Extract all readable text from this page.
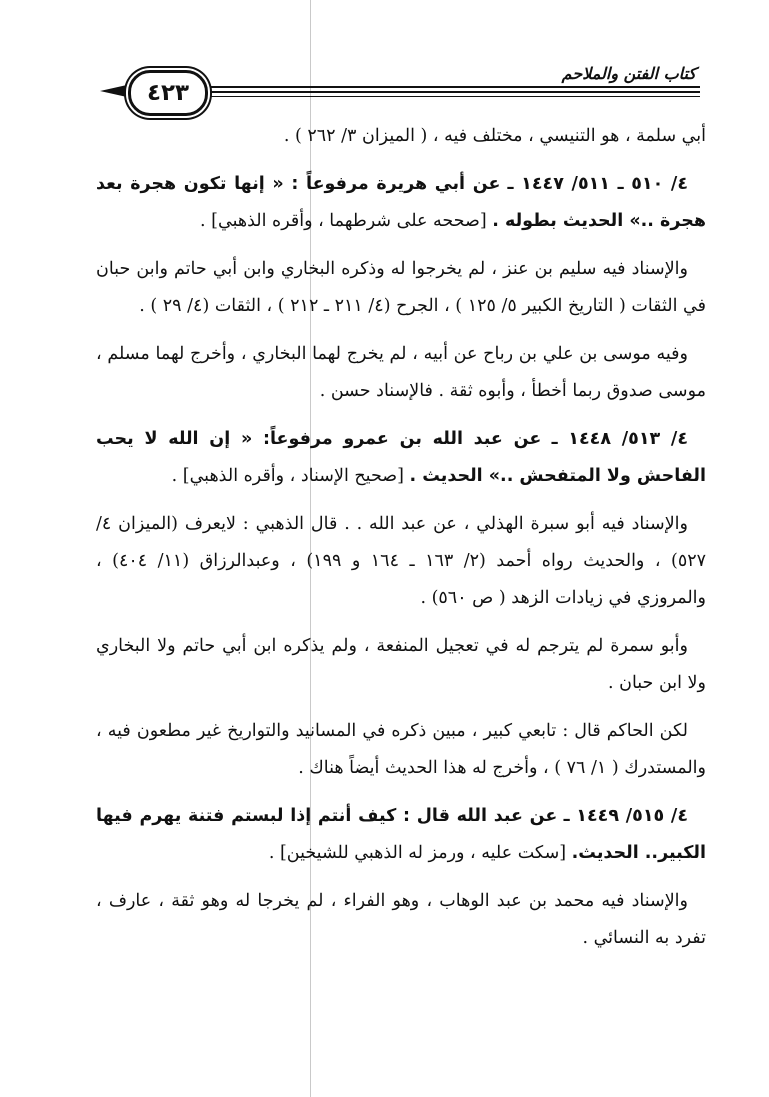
٤٢٣
كتاب الفتن والملاحم

أبي سلمة ، هو التنيسي ، مختلف فيه ، ( الميزان ٣/ ٢٦٢ ) .

٤/ ٥١٠ ـ ٥١١/ ١٤٤٧ ـ عن أبي هريرة مرفوعاً : « إنها تكون هجرة بعد هجرة ..» الحديث بطوله . [صححه على شرطهما ، وأقره الذهبي] .

والإسناد فيه سليم بن عنز ، لم يخرجوا له وذكره البخاري وابن أبي حاتم وابن حبان في الثقات ( التاريخ الكبير ٥/ ١٢٥ ) ، الجرح (٤/ ٢١١ ـ ٢١٢ ) ، الثقات (٤/ ٢٩ ) .

وفيه موسى بن علي بن رباح عن أبيه ، لم يخرج لهما البخاري ، وأخرج لهما مسلم ، موسى صدوق ربما أخطأ ، وأبوه ثقة . فالإسناد حسن .

٤/ ٥١٣/ ١٤٤٨ ـ عن عبد الله بن عمرو مرفوعاً: « إن الله لا يحب الفاحش ولا المتفحش ..» الحديث . [صحيح الإسناد ، وأقره الذهبي] .

والإسناد فيه أبو سبرة الهذلي ، عن عبد الله . . قال الذهبي : لايعرف (الميزان ٤/ ٥٢٧) ، والحديث رواه أحمد (٢/ ١٦٣ ـ ١٦٤ و ١٩٩) ، وعبدالرزاق (١١/ ٤٠٤) ، والمروزي في زيادات الزهد ( ص ٥٦٠) .

وأبو سمرة لم يترجم له في تعجيل المنفعة ، ولم يذكره ابن أبي حاتم ولا البخاري ولا ابن حبان .

لكن الحاكم قال : تابعي كبير ، مبين ذكره في المسانيد والتواريخ غير مطعون فيه ، والمستدرك ( ١/ ٧٦ ) ، وأخرج له هذا الحديث أيضاً هناك .

٤/ ٥١٥/ ١٤٤٩ ـ عن عبد الله قال : كيف أنتم إذا لبستم فتنة يهرم فيها الكبير.. الحديث. [سكت عليه ، ورمز له الذهبي للشيخين] .

والإسناد فيه محمد بن عبد الوهاب ، وهو الفراء ، لم يخرجا له وهو ثقة ، عارف ، تفرد به النسائي .
